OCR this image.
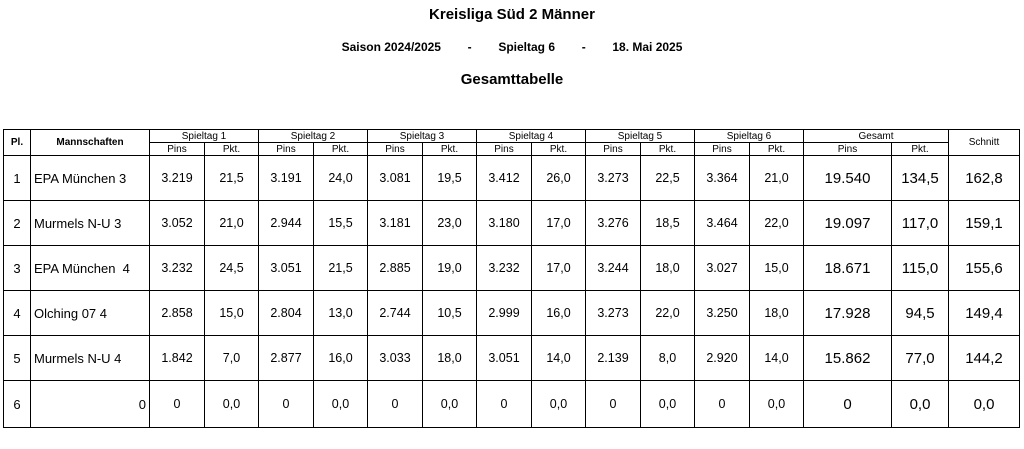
Kreisliga Süd 2 Männer
Saison 2024/2025 - Spieltag 6 - 18. Mai 2025
Gesamttabelle
Pl.	Mannschaften	Spieltag 1		Spieltag 2		Spieltag 3		Spieltag 4		Spieltag 5		Spieltag 6		Gesamt		Schnitt
		Pins	Pkt.	Pins	Pkt.	Pins	Pkt.	Pins	Pkt.	Pins	Pkt.	Pins	Pkt.	Pins	Pkt.	
1	EPA München 3	3.219	21,5	3.191	24,0	3.081	19,5	3.412	26,0	3.273	22,5	3.364	21,0	19.540	134,5	162,8
2	Murmels N-U 3	3.052	21,0	2.944	15,5	3.181	23,0	3.180	17,0	3.276	18,5	3.464	22,0	19.097	117,0	159,1
3	EPA München  4	3.232	24,5	3.051	21,5	2.885	19,0	3.232	17,0	3.244	18,0	3.027	15,0	18.671	115,0	155,6
4	Olching 07 4	2.858	15,0	2.804	13,0	2.744	10,5	2.999	16,0	3.273	22,0	3.250	18,0	17.928	94,5	149,4
5	Murmels N-U 4	1.842	7,0	2.877	16,0	3.033	18,0	3.051	14,0	2.139	8,0	2.920	14,0	15.862	77,0	144,2
6	0	0	0,0	0	0,0	0	0,0	0	0,0	0	0,0	0	0,0	0	0,0	0,0
